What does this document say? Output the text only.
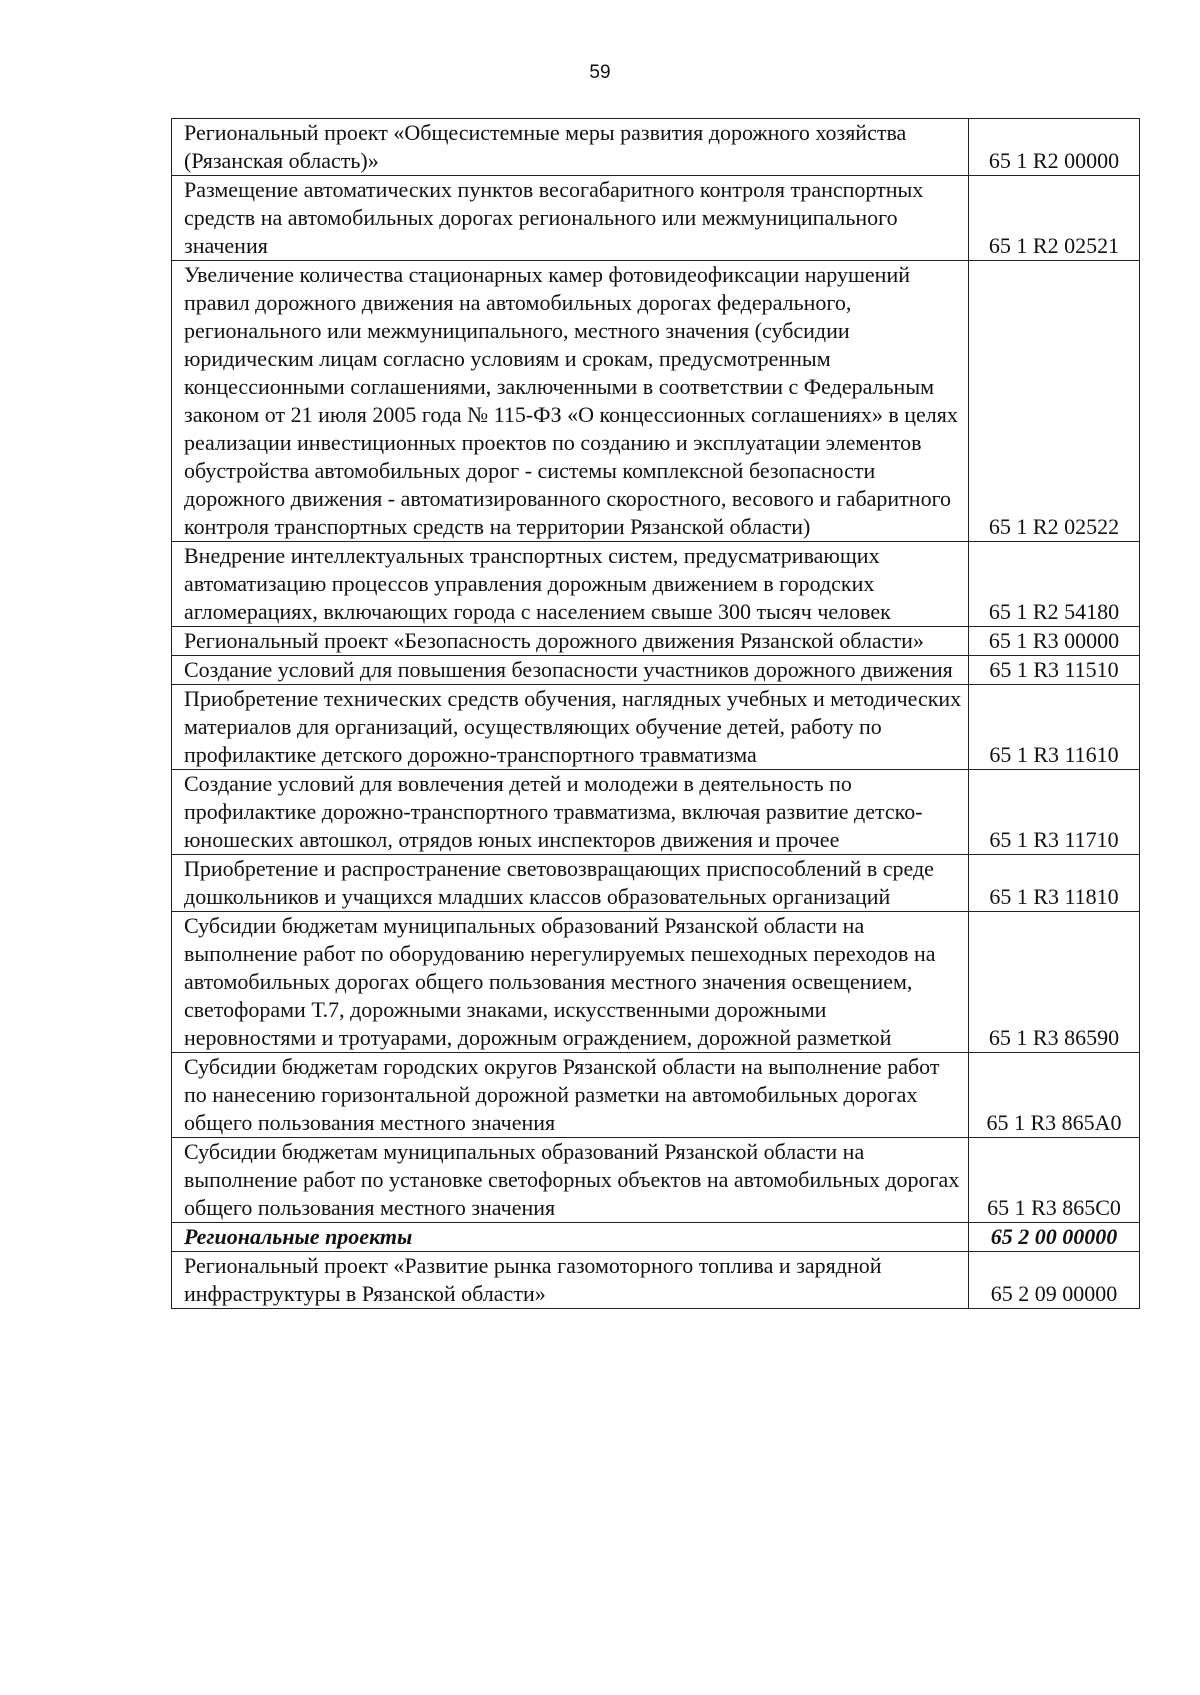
59
Региональный проект «Общесистемные меры развития дорожного хозяйства (Рязанская область)»	65 1 R2 00000
Размещение автоматических пунктов весогабаритного контроля транспортных средств на автомобильных дорогах регионального или межмуниципального значения	65 1 R2 02521
Увеличение количества стационарных камер фотовидеофиксации нарушений правил дорожного движения на автомобильных дорогах федерального, регионального или межмуниципального, местного значения (субсидии юридическим лицам согласно условиям и срокам, предусмотренным концессионными соглашениями, заключенными в соответствии с Федеральным законом от 21 июля 2005 года № 115-ФЗ «О концессионных соглашениях» в целях реализации инвестиционных проектов по созданию и эксплуатации элементов обустройства автомобильных дорог - системы комплексной безопасности дорожного движения - автоматизированного скоростного, весового и габаритного контроля транспортных средств на территории Рязанской области)	65 1 R2 02522
Внедрение интеллектуальных транспортных систем, предусматривающих автоматизацию процессов управления дорожным движением в городских агломерациях, включающих города с населением свыше 300 тысяч человек	65 1 R2 54180
Региональный проект «Безопасность дорожного движения Рязанской области»	65 1 R3 00000
Создание условий для повышения безопасности участников дорожного движения	65 1 R3 11510
Приобретение технических средств обучения, наглядных учебных и методических материалов для организаций, осуществляющих обучение детей, работу по профилактике детского дорожно-транспортного травматизма	65 1 R3 11610
Создание условий для вовлечения детей и молодежи в деятельность по профилактике дорожно-транспортного травматизма, включая развитие детско-юношеских автошкол, отрядов юных инспекторов движения и прочее	65 1 R3 11710
Приобретение и распространение световозвращающих приспособлений в среде дошкольников и учащихся младших классов образовательных организаций	65 1 R3 11810
Субсидии бюджетам муниципальных образований Рязанской области на выполнение работ по оборудованию нерегулируемых пешеходных переходов на автомобильных дорогах общего пользования местного значения освещением, светофорами Т.7, дорожными знаками, искусственными дорожными неровностями и тротуарами, дорожным ограждением, дорожной разметкой	65 1 R3 86590
Субсидии бюджетам городских округов Рязанской области на выполнение работ по нанесению горизонтальной дорожной разметки на автомобильных дорогах общего пользования местного значения	65 1 R3 865A0
Субсидии бюджетам муниципальных образований Рязанской области на выполнение работ по установке светофорных объектов на автомобильных дорогах общего пользования местного значения	65 1 R3 865C0
Региональные проекты	65 2 00 00000
Региональный проект «Развитие рынка газомоторного топлива и зарядной инфраструктуры в Рязанской области»	65 2 09 00000
